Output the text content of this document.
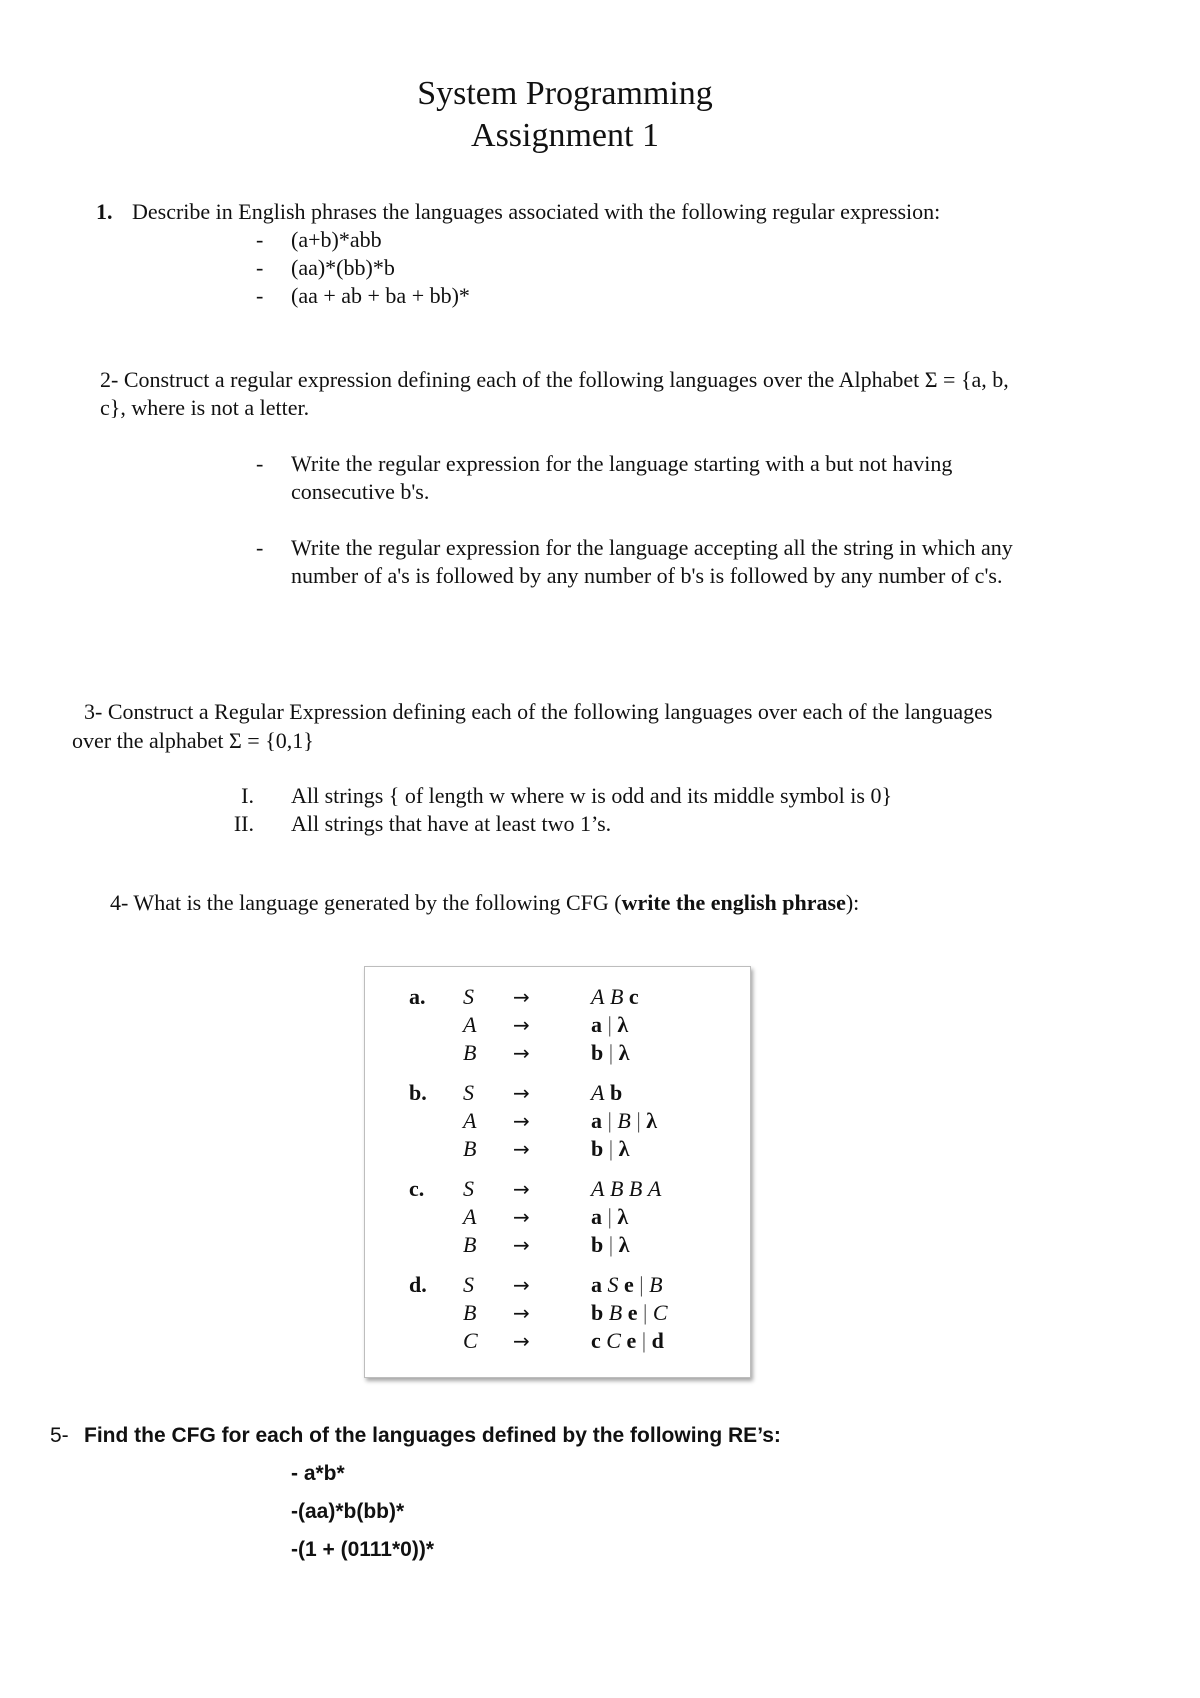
System Programming
Assignment 1
1. Describe in English phrases the languages associated with the following regular expression:
-	(a+b)*abb
-	(aa)*(bb)*b
-	(aa + ab + ba + bb)*
2- Construct a regular expression defining each of the following languages over the Alphabet Σ = {a, b,
c}, where is not a letter.
-	Write the regular expression for the language starting with a but not having
consecutive b's.
-	Write the regular expression for the language accepting all the string in which any
number of a's is followed by any number of b's is followed by any number of c's.
3- Construct a Regular Expression defining each of the following languages over each of the languages
over the alphabet Σ = {0,1}
I. All strings { of length w where w is odd and its middle symbol is 0}
II. All strings that have at least two 1’s.
4- What is the language generated by the following CFG (write the english phrase):
a. S →	A B c
A →	a | λ
B →	b | λ
b. S →	A b
A →	a | B | λ
B →	b | λ
c. S →	A B B A
A →	a | λ
B →	b | λ
d. S →	a S e | B
B →	b B e | C
C →	c C e | d
5- Find the CFG for each of the languages defined by the following RE’s:
- a*b*
-(aa)*b(bb)*
-(1 + (0111*0))*
